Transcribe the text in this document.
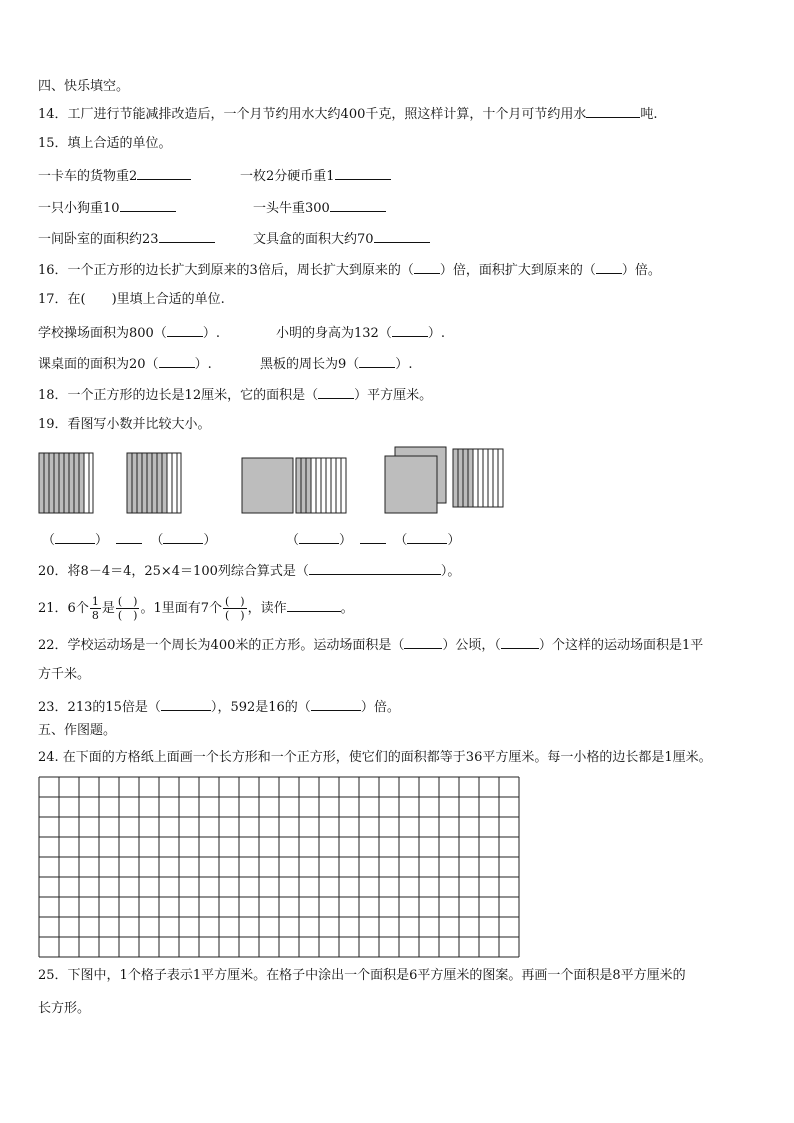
四、快乐填空。
14．工厂进行节能减排改造后，一个月节约用水大约400千克，照这样计算，十个月可节约用水	吨.
15．填上合适的单位。
一卡车的货物重2	一枚2分硬币重1
一只小狗重10	一头牛重300
一间卧室的面积约23	文具盒的面积大约70
16．一个正方形的边长扩大到原来的3倍后，周长扩大到原来的（ ）倍，面积扩大到原来的（ ）倍。
17．在(　　)里填上合适的单位.
学校操场面积为800（	）.	小明的身高为132（	）.
课桌面的面积为20（	）.	黑板的周长为9（	）.
18．一个正方形的边长是12厘米，它的面积是（	）平方厘米。
19．看图写小数并比较大小。
（	）	（	）	（	）	（	）
20．将8－4＝4，25×4＝100列综合算式是（	）。
21．6个 $\frac{1}{8}$ 是 $\frac{( )}{( )}$ 。1里面有7个 $\frac{( )}{( )}$ ，读作	。
22．学校运动场是一个周长为400米的正方形。运动场面积是（	）公顷，（	）个这样的运动场面积是1平
方千米。
23．213的15倍是（	），592是16的（	）倍。
五、作图题。
24. 在下面的方格纸上面画一个长方形和一个正方形，使它们的面积都等于36平方厘米。每一小格的边长都是1厘米。
25．下图中，1个格子表示1平方厘米。在格子中涂出一个面积是6平方厘米的图案。再画一个面积是8平方厘米的
长方形。
